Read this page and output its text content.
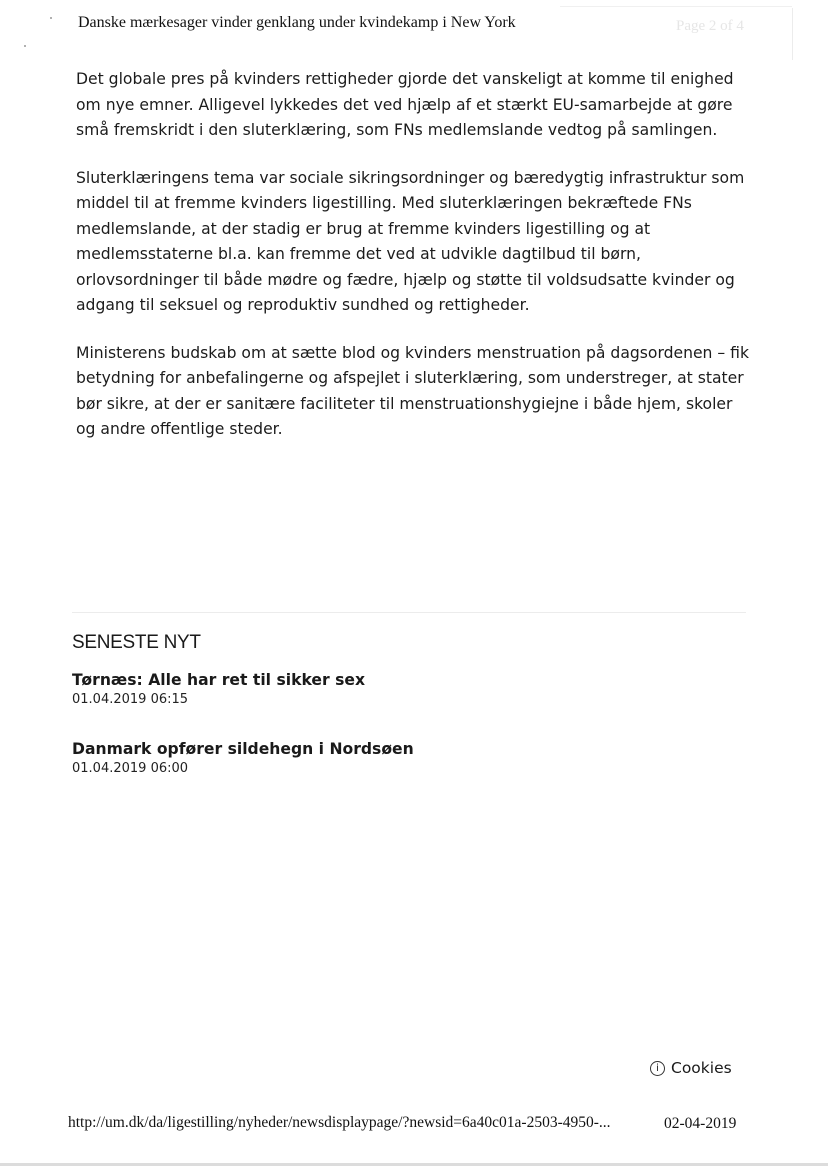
Danske mærkesager vinder genklang under kvindekamp i New York	Page 2 of 4

Det globale pres på kvinders rettigheder gjorde det vanskeligt at komme til enighed om nye emner. Alligevel lykkedes det ved hjælp af et stærkt EU-samarbejde at gøre små fremskridt i den sluterklæring, som FNs medlemslande vedtog på samlingen.

Sluterklæringens tema var sociale sikringsordninger og bæredygtig infrastruktur som middel til at fremme kvinders ligestilling. Med sluterklæringen bekræftede FNs medlemslande, at der stadig er brug at fremme kvinders ligestilling og at medlemsstaterne bl.a. kan fremme det ved at udvikle dagtilbud til børn, orlovsordninger til både mødre og fædre, hjælp og støtte til voldsudsatte kvinder og adgang til seksuel og reproduktiv sundhed og rettigheder.

Ministerens budskab om at sætte blod og kvinders menstruation på dagsordenen – fik betydning for anbefalingerne og afspejlet i sluterklæring, som understreger, at stater bør sikre, at der er sanitære faciliteter til menstruationshygiejne i både hjem, skoler og andre offentlige steder.

SENESTE NYT
Tørnæs: Alle har ret til sikker sex
01.04.2019 06:15
Danmark opfører sildehegn i Nordsøen
01.04.2019 06:00
i Cookies
http://um.dk/da/ligestilling/nyheder/newsdisplaypage/?newsid=6a40c01a-2503-4950-...	02-04-2019
